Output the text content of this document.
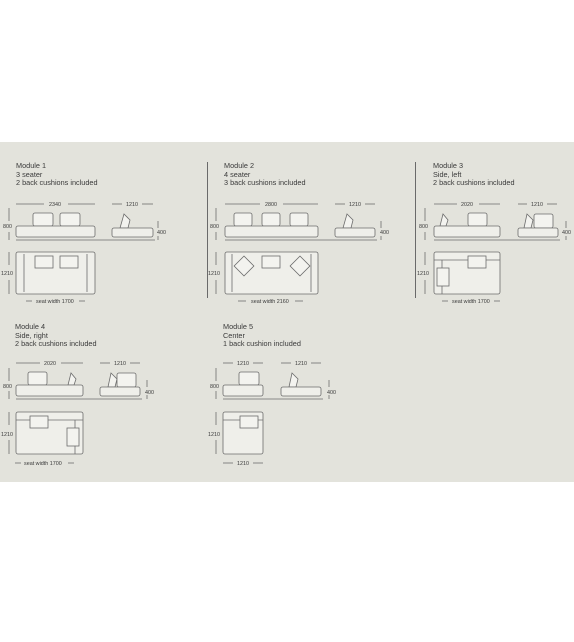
Module 1
3 seater
2 back cushions included
2340	1210
800
400
1210
seat width 1700
Module 2
4 seater
3 back cushions included
2800	1210
800
400
1210
seat width 2160
Module 3
Side, left
2 back cushions included
2020	1210
800
400
1210
seat width 1700
Module 4
Side, right
2 back cushions included
2020	1210
800
400
1210
seat width 1700
Module 5
Center
1 back cushion included
1210	1210
800
400
1210
1210
